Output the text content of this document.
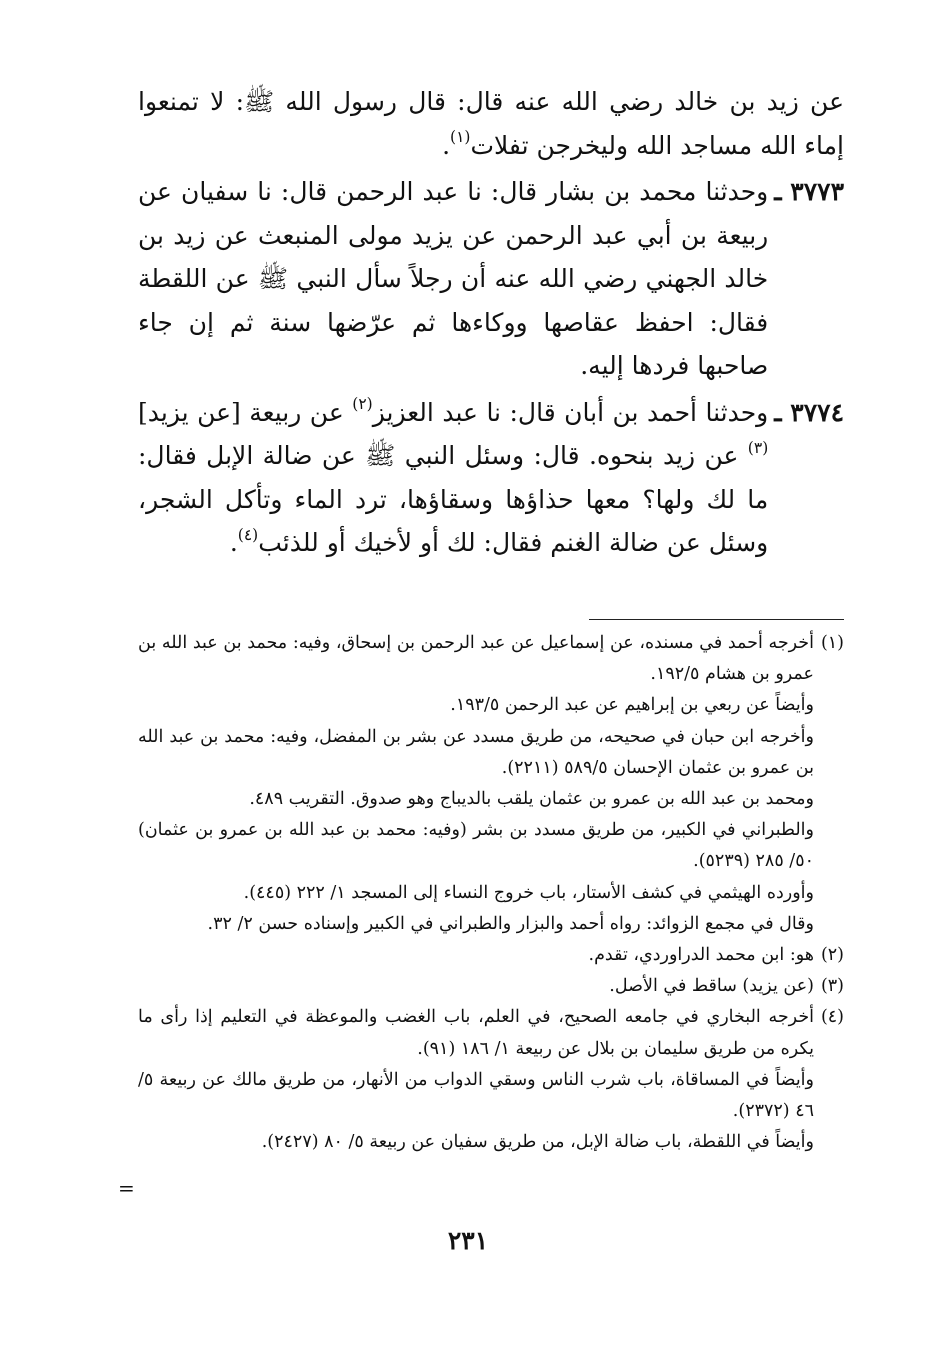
عن زيد بن خالد رضي الله عنه قال: قال رسول الله ﷺ: لا تمنعوا إماء الله مساجد الله وليخرجن تفلات$^{(١)}$.

٣٧٧٣ ـ
وحدثنا محمد بن بشار قال: نا عبد الرحمن قال: نا سفيان عن ربيعة بن أبي عبد الرحمن عن يزيد مولى المنبعث عن زيد بن خالد الجهني رضي الله عنه أن رجلاً سأل النبي ﷺ عن اللقطة فقال: احفظ عقاصها ووكاءها ثم عرّضها سنة ثم إن جاء صاحبها فردها إليه.
٣٧٧٤ ـ
وحدثنا أحمد بن أبان قال: نا عبد العزيز$^{(٢)}$ عن ربيعة [عن يزيد]$^{(٣)}$ عن زيد بنحوه. قال: وسئل النبي ﷺ عن ضالة الإبل فقال: ما لك ولها؟ معها حذاؤها وسقاؤها، ترد الماء وتأكل الشجر، وسئل عن ضالة الغنم فقال: لك أو لأخيك أو للذئب$^{(٤)}$.
(١)

أخرجه أحمد في مسنده، عن إسماعيل عن عبد الرحمن بن إسحاق، وفيه: محمد بن عبد الله بن عمرو بن هشام ١٩٢/٥.

وأيضاً عن ربعي بن إبراهيم عن عبد الرحمن ١٩٣/٥.

وأخرجه ابن حبان في صحيحه، من طريق مسدد عن بشر بن المفضل، وفيه: محمد بن عبد الله بن عمرو بن عثمان الإحسان ٥٨٩/٥ (٢٢١١).

ومحمد بن عبد الله بن عمرو بن عثمان يلقب بالديباج وهو صدوق. التقريب ٤٨٩.

والطبراني في الكبير، من طريق مسدد بن بشر (وفيه: محمد بن عبد الله بن عمرو بن عثمان) ٥٠/ ٢٨٥ (٥٢٣٩).

وأورده الهيثمي في كشف الأستار، باب خروج النساء إلى المسجد ١/ ٢٢٢ (٤٤٥).

وقال في مجمع الزوائد: رواه أحمد والبزار والطبراني في الكبير وإسناده حسن ٢/ ٣٢.

(٢)

هو: ابن محمد الدراوردي، تقدم.

(٣)

(عن يزيد) ساقط في الأصل.

(٤)

أخرجه البخاري في جامعه الصحيح، في العلم، باب الغضب والموعظة في التعليم إذا رأى ما يكره من طريق سليمان بن بلال عن ربيعة ١/ ١٨٦ (٩١).

وأيضاً في المساقاة، باب شرب الناس وسقي الدواب من الأنهار، من طريق مالك عن ربيعة ٥/ ٤٦ (٢٣٧٢).

وأيضاً في اللقطة، باب ضالة الإبل، من طريق سفيان عن ربيعة ٥/ ٨٠ (٢٤٢٧).

=
٢٣١
